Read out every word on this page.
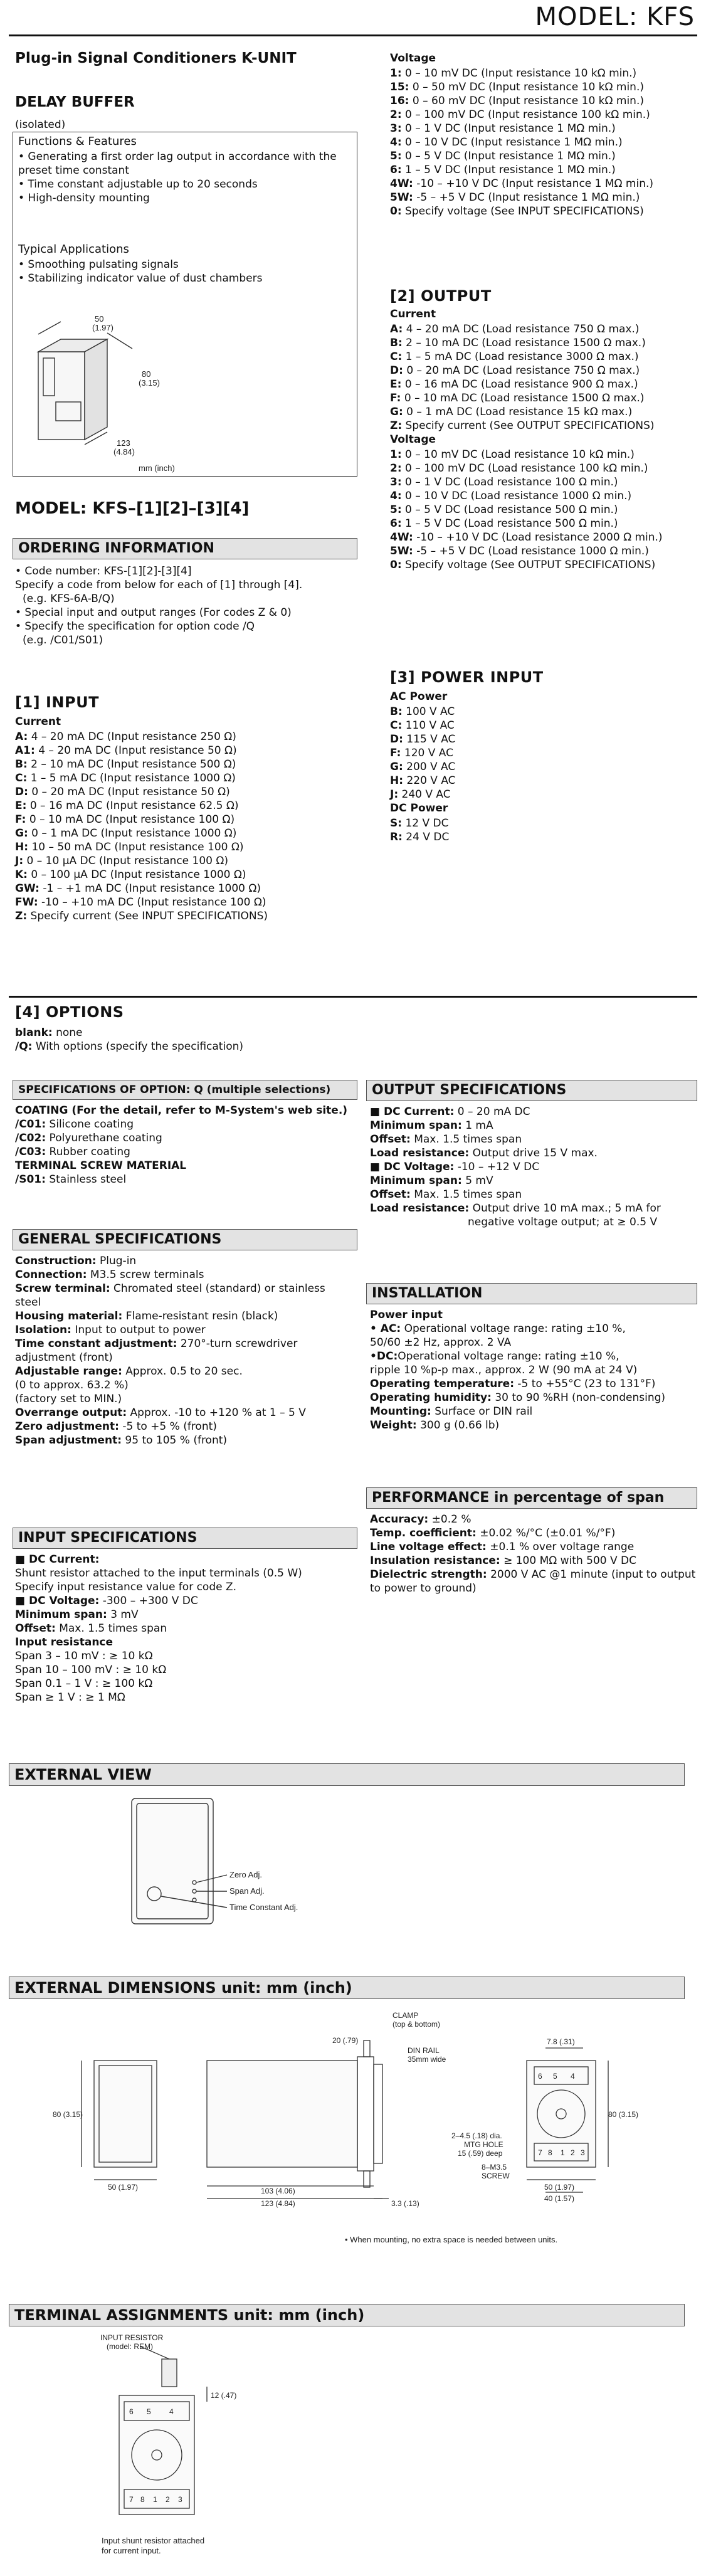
MODEL: KFS
Plug-in Signal Conditioners K-UNIT
DELAY BUFFER
(isolated)
Functions & Features
• Generating a first order lag output in accordance with the
preset time constant
• Time constant adjustable up to 20 seconds
• High-density mounting
Typical Applications
• Smoothing pulsating signals
• Stabilizing indicator value of dust chambers
50
(1.97)
80
(3.15)
123
(4.84)
mm (inch)
MODEL: KFS–[1][2]–[3][4]
ORDERING INFORMATION
• Code number: KFS-[1][2]-[3][4]
Specify a code from below for each of [1] through [4].
(e.g. KFS-6A-B/Q)
• Special input and output ranges (For codes Z & 0)
• Specify the specification for option code /Q
(e.g. /C01/S01)
[1] INPUT
Current
A: 4 – 20 mA DC (Input resistance 250 Ω)
A1: 4 – 20 mA DC (Input resistance 50 Ω)
B: 2 – 10 mA DC (Input resistance 500 Ω)
C: 1 – 5 mA DC (Input resistance 1000 Ω)
D: 0 – 20 mA DC (Input resistance 50 Ω)
E: 0 – 16 mA DC (Input resistance 62.5 Ω)
F: 0 – 10 mA DC (Input resistance 100 Ω)
G: 0 – 1 mA DC (Input resistance 1000 Ω)
H: 10 – 50 mA DC (Input resistance 100 Ω)
J: 0 – 10 µA DC (Input resistance 100 Ω)
K: 0 – 100 µA DC (Input resistance 1000 Ω)
GW: -1 – +1 mA DC (Input resistance 1000 Ω)
FW: -10 – +10 mA DC (Input resistance 100 Ω)
Z: Specify current (See INPUT SPECIFICATIONS)
Voltage
1: 0 – 10 mV DC (Input resistance 10 kΩ min.)
15: 0 – 50 mV DC (Input resistance 10 kΩ min.)
16: 0 – 60 mV DC (Input resistance 10 kΩ min.)
2: 0 – 100 mV DC (Input resistance 100 kΩ min.)
3: 0 – 1 V DC (Input resistance 1 MΩ min.)
4: 0 – 10 V DC (Input resistance 1 MΩ min.)
5: 0 – 5 V DC (Input resistance 1 MΩ min.)
6: 1 – 5 V DC (Input resistance 1 MΩ min.)
4W: -10 – +10 V DC (Input resistance 1 MΩ min.)
5W: -5 – +5 V DC (Input resistance 1 MΩ min.)
0: Specify voltage (See INPUT SPECIFICATIONS)
[2] OUTPUT
Current
A: 4 – 20 mA DC (Load resistance 750 Ω max.)
B: 2 – 10 mA DC (Load resistance 1500 Ω max.)
C: 1 – 5 mA DC (Load resistance 3000 Ω max.)
D: 0 – 20 mA DC (Load resistance 750 Ω max.)
E: 0 – 16 mA DC (Load resistance 900 Ω max.)
F: 0 – 10 mA DC (Load resistance 1500 Ω max.)
G: 0 – 1 mA DC (Load resistance 15 kΩ max.)
Z: Specify current (See OUTPUT SPECIFICATIONS)
Voltage
1: 0 – 10 mV DC (Load resistance 10 kΩ min.)
2: 0 – 100 mV DC (Load resistance 100 kΩ min.)
3: 0 – 1 V DC (Load resistance 100 Ω min.)
4: 0 – 10 V DC (Load resistance 1000 Ω min.)
5: 0 – 5 V DC (Load resistance 500 Ω min.)
6: 1 – 5 V DC (Load resistance 500 Ω min.)
4W: -10 – +10 V DC (Load resistance 2000 Ω min.)
5W: -5 – +5 V DC (Load resistance 1000 Ω min.)
0: Specify voltage (See OUTPUT SPECIFICATIONS)
[3] POWER INPUT
AC Power
B: 100 V AC
C: 110 V AC
D: 115 V AC
F: 120 V AC
G: 200 V AC
H: 220 V AC
J: 240 V AC
DC Power
S: 12 V DC
R: 24 V DC
[4] OPTIONS
blank: none
/Q: With options (specify the specification)
SPECIFICATIONS OF OPTION: Q (multiple selections)
COATING (For the detail, refer to M-System's web site.)
/C01: Silicone coating
/C02: Polyurethane coating
/C03: Rubber coating
TERMINAL SCREW MATERIAL
/S01: Stainless steel
GENERAL SPECIFICATIONS
Construction: Plug-in
Connection: M3.5 screw terminals
Screw terminal: Chromated steel (standard) or stainless
steel
Housing material: Flame-resistant resin (black)
Isolation: Input to output to power
Time constant adjustment: 270°-turn screwdriver
adjustment (front)
Adjustable range: Approx. 0.5 to 20 sec.
(0 to approx. 63.2 %)
(factory set to MIN.)
Overrange output: Approx. -10 to +120 % at 1 – 5 V
Zero adjustment: -5 to +5 % (front)
Span adjustment: 95 to 105 % (front)
INPUT SPECIFICATIONS
■ DC Current:
Shunt resistor attached to the input terminals (0.5 W)
Specify input resistance value for code Z.
■ DC Voltage: -300 – +300 V DC
Minimum span: 3 mV
Offset: Max. 1.5 times span
Input resistance
Span 3 – 10 mV : ≥ 10 kΩ
Span 10 – 100 mV : ≥ 10 kΩ
Span 0.1 – 1 V : ≥ 100 kΩ
Span ≥ 1 V : ≥ 1 MΩ
OUTPUT SPECIFICATIONS
■ DC Current: 0 – 20 mA DC
Minimum span: 1 mA
Offset: Max. 1.5 times span
Load resistance: Output drive 15 V max.
■ DC Voltage: -10 – +12 V DC
Minimum span: 5 mV
Offset: Max. 1.5 times span
Load resistance: Output drive 10 mA max.; 5 mA for
negative voltage output; at ≥ 0.5 V
INSTALLATION
Power input
• AC: Operational voltage range: rating ±10 %,
50/60 ±2 Hz, approx. 2 VA
•DC:Operational voltage range: rating ±10 %,
ripple 10 %p-p max., approx. 2 W (90 mA at 24 V)
Operating temperature: -5 to +55°C (23 to 131°F)
Operating humidity: 30 to 90 %RH (non-condensing)
Mounting: Surface or DIN rail
Weight: 300 g (0.66 lb)
PERFORMANCE in percentage of span
Accuracy: ±0.2 %
Temp. coefficient: ±0.02 %/°C (±0.01 %/°F)
Line voltage effect: ±0.1 % over voltage range
Insulation resistance: ≥ 100 MΩ with 500 V DC
Dielectric strength: 2000 V AC @1 minute (input to output
to power to ground)
EXTERNAL VIEW
Zero Adj.
Span Adj.
Time Constant Adj.
EXTERNAL DIMENSIONS unit: mm (inch)
80 (3.15)
50 (1.97)	103 (4.06)
123 (4.84)	3.3 (.13)
20 (.79)
CLAMP
(top & bottom)
DIN RAIL
35mm wide
2–4.5 (.18) dia.
MTG HOLE
15 (.59) deep
8–M3.5
SCREW
7.8 (.31)
80 (3.15)
40 (1.57)
50 (1.97)
• When mounting, no extra space is needed between units.
6 5 4
7 8 1 2 3
TERMINAL ASSIGNMENTS unit: mm (inch)
INPUT RESISTOR
(model: REM)
12 (.47)
6 5 4
7 8 1 2 3
Input shunt resistor attached
for current input.
